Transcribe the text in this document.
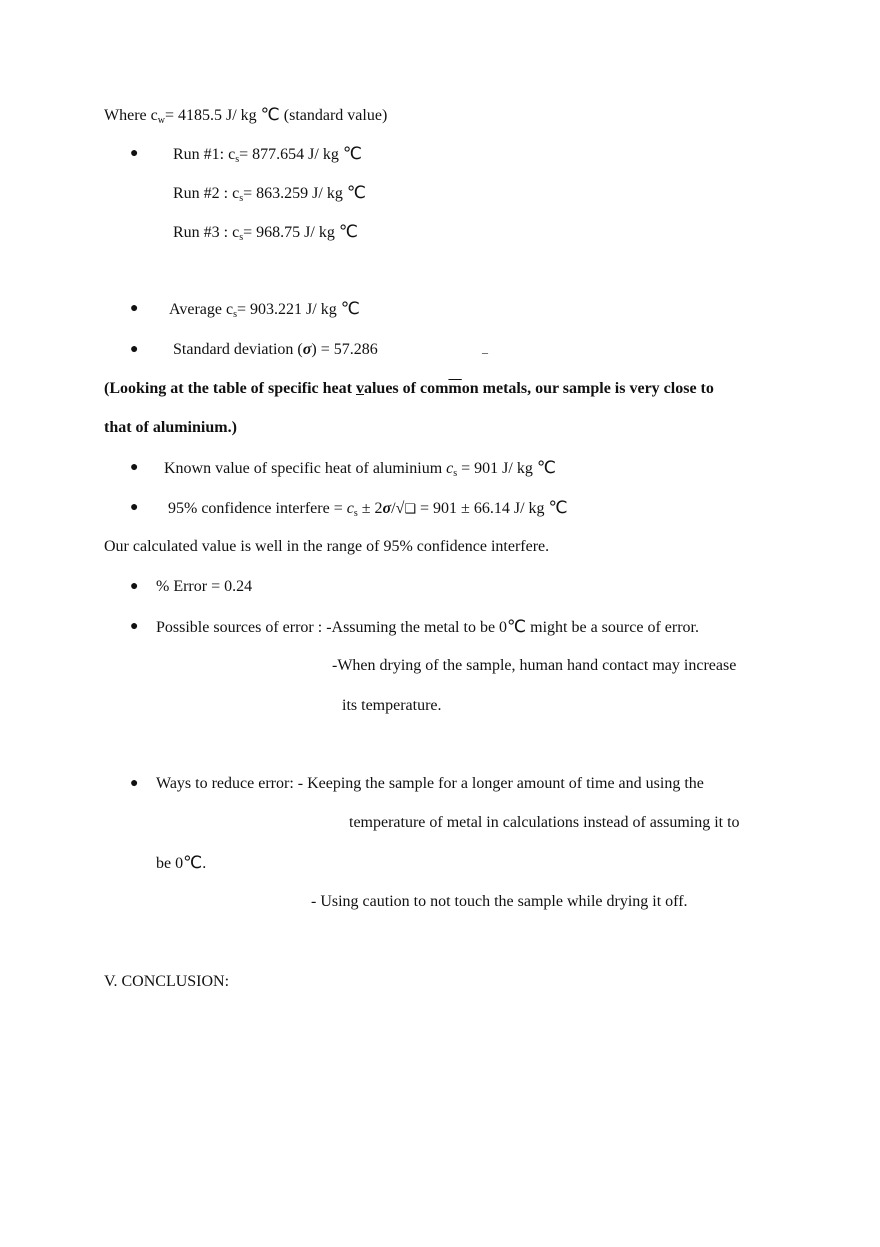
Where $c_w= 4185.5$ J/ kg ℃ (standard value)
● Run #1: $c_s= 877.654$ J/ kg ℃
Run #2 : $c_s= 863.259$ J/ kg ℃
Run #3 : $c_s= 968.75$ J/ kg ℃
● Average $c_s= 903.221$ J/ kg ℃
● Standard deviation (σ) = 57.286	_
(Looking at the table of specific heat values of $com\overline{m}on$ metals, our sample is very close to
that of aluminium.)
● Known value of specific heat of aluminium $c_s = 901$ J/ kg ℃
● 95% confidence interfere = $c_s$ ± 2σ/√❑ = 901 ± 66.14 J/ kg ℃
Our calculated value is well in the range of 95% confidence interfere.
● % Error = 0.24
● Possible sources of error : -Assuming the metal to be 0℃ might be a source of error.
-When drying of the sample, human hand contact may increase
its temperature.
● Ways to reduce error: - Keeping the sample for a longer amount of time and using the
temperature of metal in calculations instead of assuming it to
be 0℃.
- Using caution to not touch the sample while drying it off.
V. CONCLUSION:
